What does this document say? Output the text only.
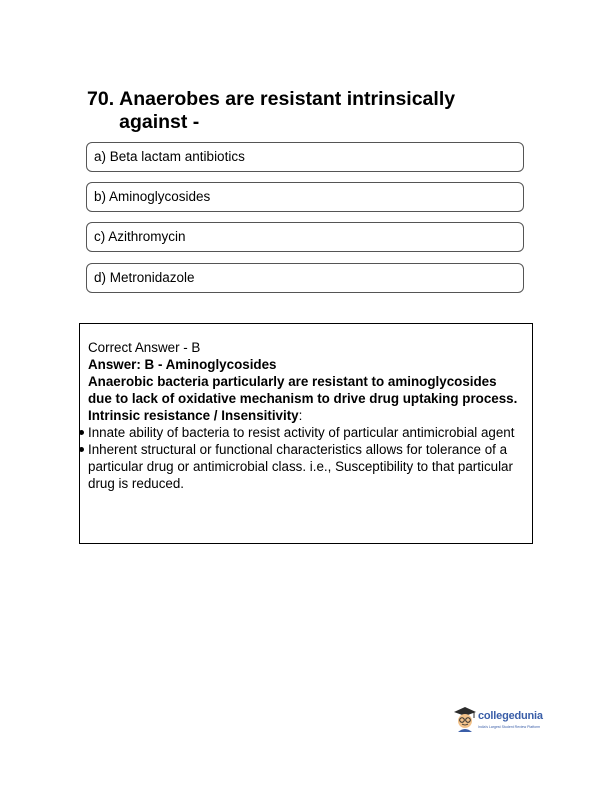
70. Anaerobes are resistant intrinsically against -
a) Beta lactam antibiotics
b) Aminoglycosides
c) Azithromycin
d) Metronidazole

Correct Answer - B

Answer: B - Aminoglycosides

Anaerobic bacteria particularly are resistant to aminoglycosides due to lack of oxidative mechanism to drive drug uptaking process.

Intrinsic resistance / Insensitivity:

Innate ability of bacteria to resist activity of particular antimicrobial agent
Inherent structural or functional characteristics allows for tolerance of a particular drug or antimicrobial class. i.e., Susceptibility to that particular drug is reduced.
collegedunia
India's Largest Student Review Platform
